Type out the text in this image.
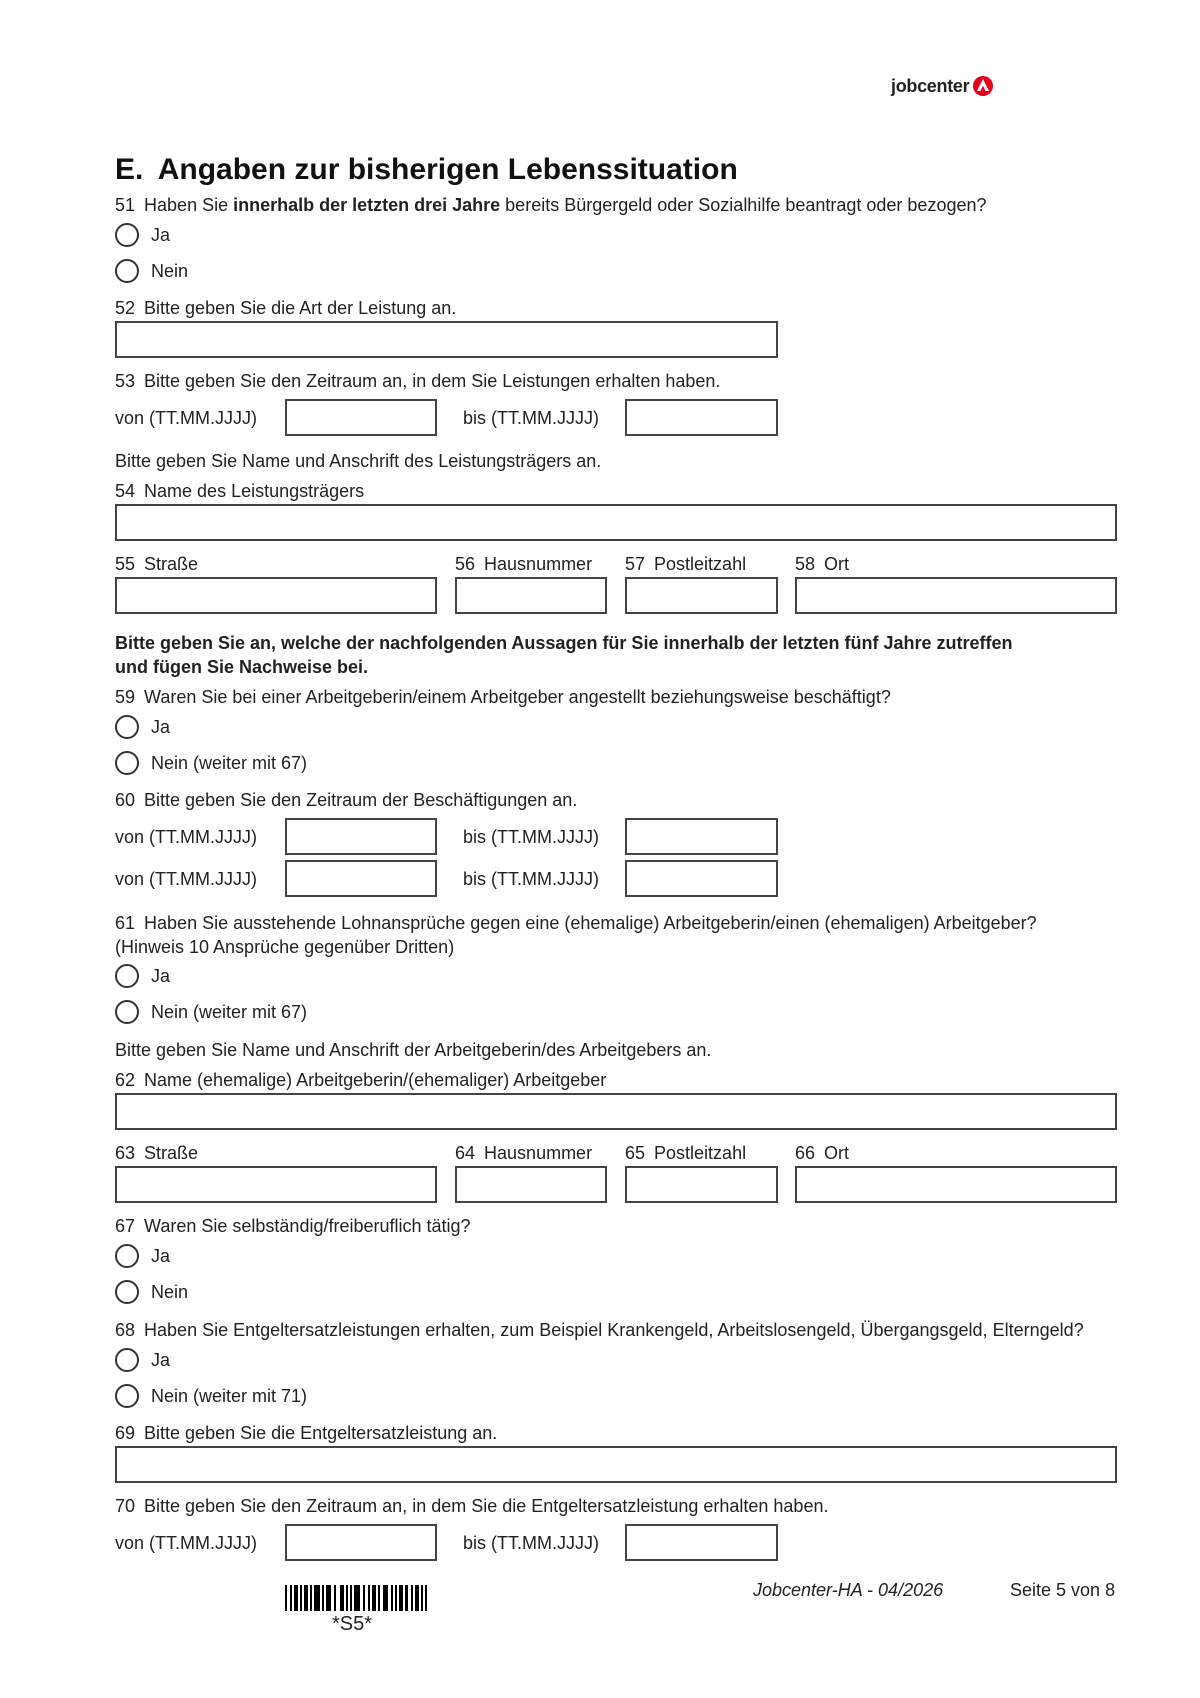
jobcenter
E. Angaben zur bisherigen Lebenssituation
51 Haben Sie innerhalb der letzten drei Jahre bereits Bürgergeld oder Sozialhilfe beantragt oder bezogen?
Ja
Nein
52 Bitte geben Sie die Art der Leistung an.
53 Bitte geben Sie den Zeitraum an, in dem Sie Leistungen erhalten haben.
von (TT.MM.JJJJ)	bis (TT.MM.JJJJ)
Bitte geben Sie Name und Anschrift des Leistungsträgers an.
54 Name des Leistungsträgers
55 Straße	56 Hausnummer 57 Postleitzahl	58 Ort
Bitte geben Sie an, welche der nachfolgenden Aussagen für Sie innerhalb der letzten fünf Jahre zutreffen
und fügen Sie Nachweise bei.
59 Waren Sie bei einer Arbeitgeberin/einem Arbeitgeber angestellt beziehungsweise beschäftigt?
Ja
Nein (weiter mit 67)
60 Bitte geben Sie den Zeitraum der Beschäftigungen an.
von (TT.MM.JJJJ)	bis (TT.MM.JJJJ)
von (TT.MM.JJJJ)	bis (TT.MM.JJJJ)
61 Haben Sie ausstehende Lohnansprüche gegen eine (ehemalige) Arbeitgeberin/einen (ehemaligen) Arbeitgeber?
(Hinweis 10 Ansprüche gegenüber Dritten)
Ja
Nein (weiter mit 67)
Bitte geben Sie Name und Anschrift der Arbeitgeberin/des Arbeitgebers an.
62 Name (ehemalige) Arbeitgeberin/(ehemaliger) Arbeitgeber
63 Straße	64 Hausnummer 65 Postleitzahl	66 Ort
67 Waren Sie selbständig/freiberuflich tätig?
Ja
Nein
68 Haben Sie Entgeltersatzleistungen erhalten, zum Beispiel Krankengeld, Arbeitslosengeld, Übergangsgeld, Elterngeld?
Ja
Nein (weiter mit 71)
69 Bitte geben Sie die Entgeltersatzleistung an.
70 Bitte geben Sie den Zeitraum an, in dem Sie die Entgeltersatzleistung erhalten haben.
von (TT.MM.JJJJ)	bis (TT.MM.JJJJ)
*S5*
Jobcenter-HA - 04/2026	Seite 5 von 8
